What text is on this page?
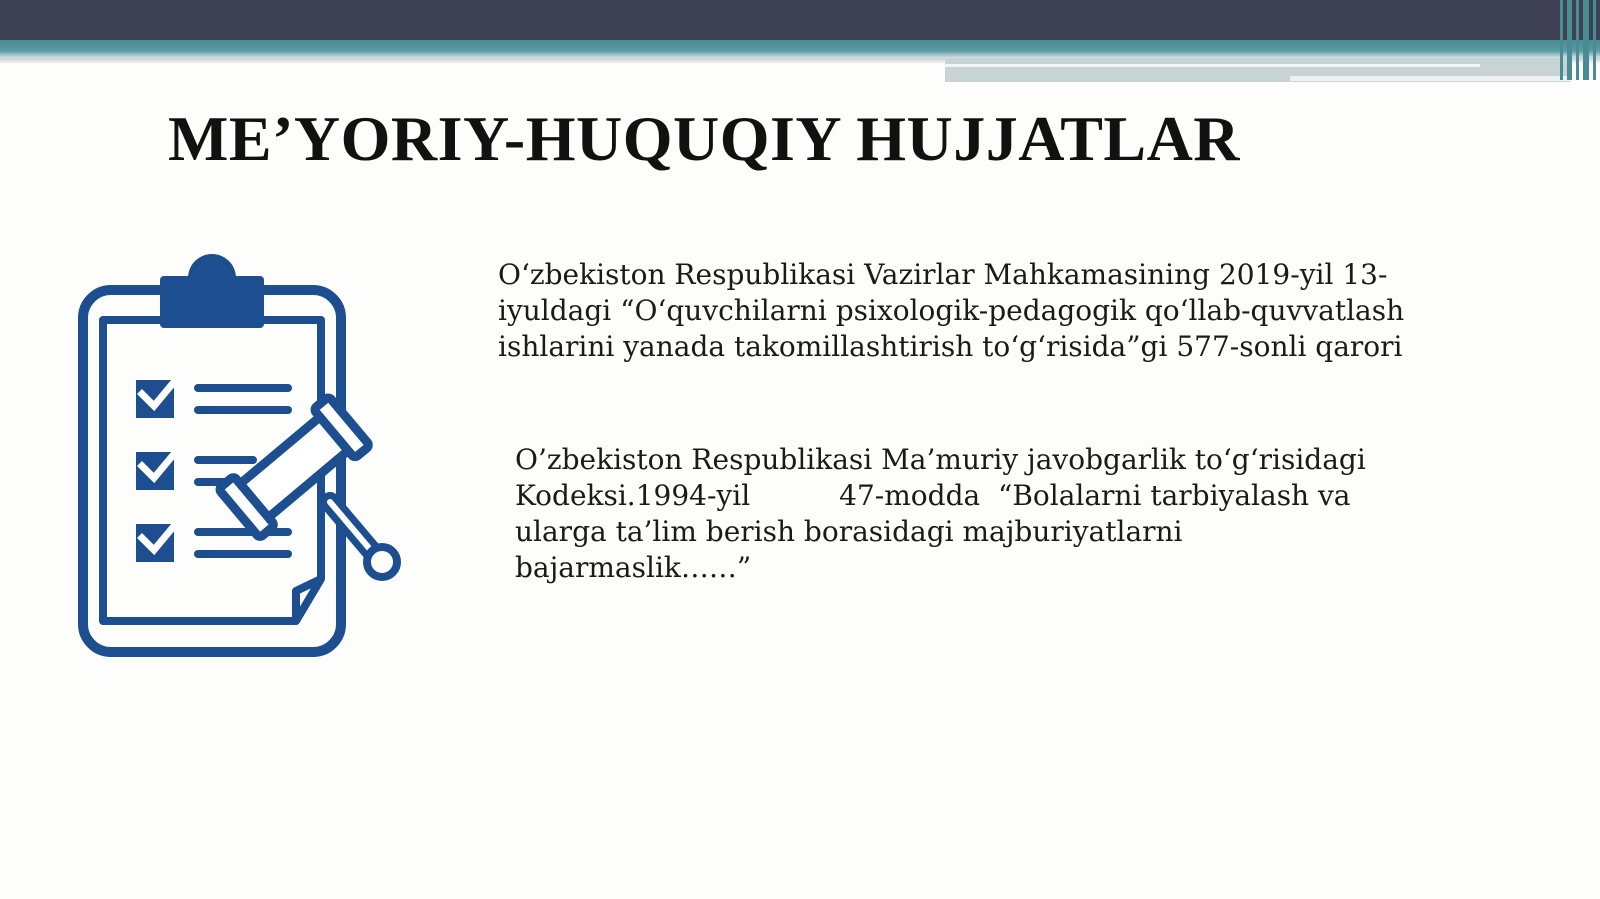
ME’YORIY-HUQUQIY HUJJATLAR

O‘zbekiston Respublikasi Vazirlar Mahkamasining 2019-yil 13-iyuldagi “O‘quvchilarni psixologik-pedagogik qo‘llab-quvvatlash ishlarini yanada takomillashtirish to‘g‘risida”gi 577-sonli qarori

O’zbekiston Respublikasi Ma’muriy javobgarlik to‘g‘risidagi Kodeksi.1994-yil          47-modda  “Bolalarni tarbiyalash va ularga ta’lim berish borasidagi majburiyatlarni bajarmaslik……”
